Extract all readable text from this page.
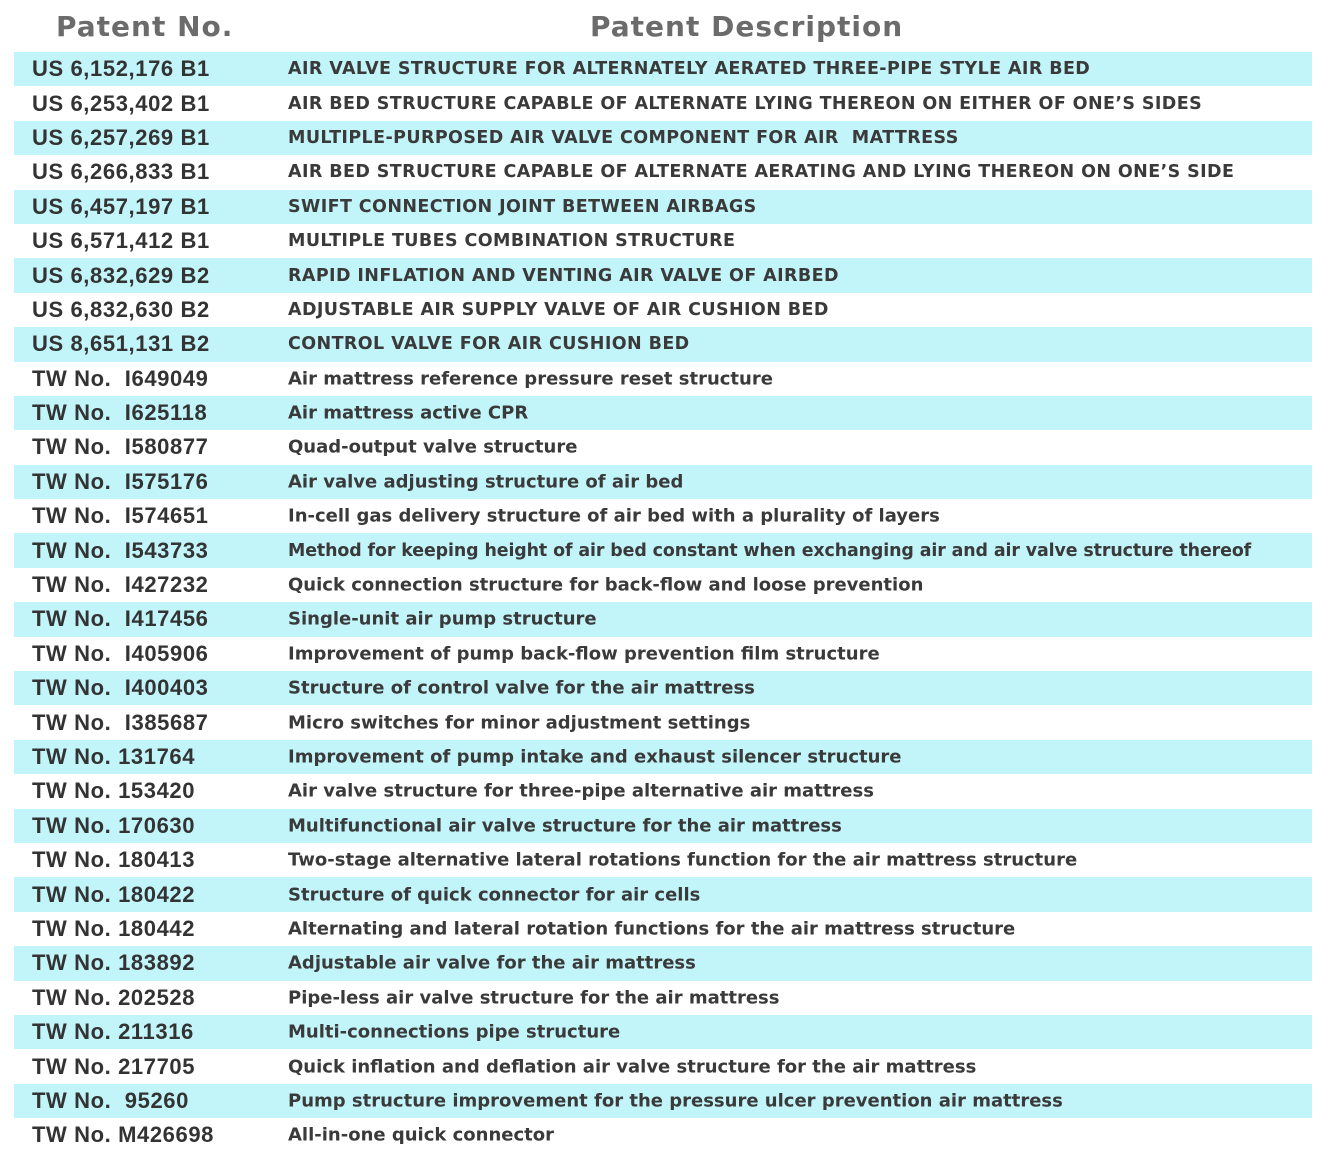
Patent No.	Patent Description
US 6,152,176 B1	AIR VALVE STRUCTURE FOR ALTERNATELY AERATED THREE-PIPE STYLE AIR BED
US 6,253,402 B1	AIR BED STRUCTURE CAPABLE OF ALTERNATE LYING THEREON ON EITHER OF ONE’S SIDES
US 6,257,269 B1	MULTIPLE-PURPOSED AIR VALVE COMPONENT FOR AIR  MATTRESS
US 6,266,833 B1	AIR BED STRUCTURE CAPABLE OF ALTERNATE AERATING AND LYING THEREON ON ONE’S SIDE
US 6,457,197 B1	SWIFT CONNECTION JOINT BETWEEN AIRBAGS
US 6,571,412 B1	MULTIPLE TUBES COMBINATION STRUCTURE
US 6,832,629 B2	RAPID INFLATION AND VENTING AIR VALVE OF AIRBED
US 6,832,630 B2	ADJUSTABLE AIR SUPPLY VALVE OF AIR CUSHION BED
US 8,651,131 B2	CONTROL VALVE FOR AIR CUSHION BED
TW No.  I649049	Air mattress reference pressure reset structure
TW No.  I625118	Air mattress active CPR
TW No.  I580877	Quad-output valve structure
TW No.  I575176	Air valve adjusting structure of air bed
TW No.  I574651	In-cell gas delivery structure of air bed with a plurality of layers
TW No.  I543733	Method for keeping height of air bed constant when exchanging air and air valve structure thereof
TW No.  I427232	Quick connection structure for back-flow and loose prevention
TW No.  I417456	Single-unit air pump structure
TW No.  I405906	Improvement of pump back-flow prevention film structure
TW No.  I400403	Structure of control valve for the air mattress
TW No.  I385687	Micro switches for minor adjustment settings
TW No. 131764	Improvement of pump intake and exhaust silencer structure
TW No. 153420	Air valve structure for three-pipe alternative air mattress
TW No. 170630	Multifunctional air valve structure for the air mattress
TW No. 180413	Two-stage alternative lateral rotations function for the air mattress structure
TW No. 180422	Structure of quick connector for air cells
TW No. 180442	Alternating and lateral rotation functions for the air mattress structure
TW No. 183892	Adjustable air valve for the air mattress
TW No. 202528	Pipe-less air valve structure for the air mattress
TW No. 211316	Multi-connections pipe structure
TW No. 217705	Quick inflation and deflation air valve structure for the air mattress
TW No.  95260	Pump structure improvement for the pressure ulcer prevention air mattress
TW No. M426698	All-in-one quick connector
